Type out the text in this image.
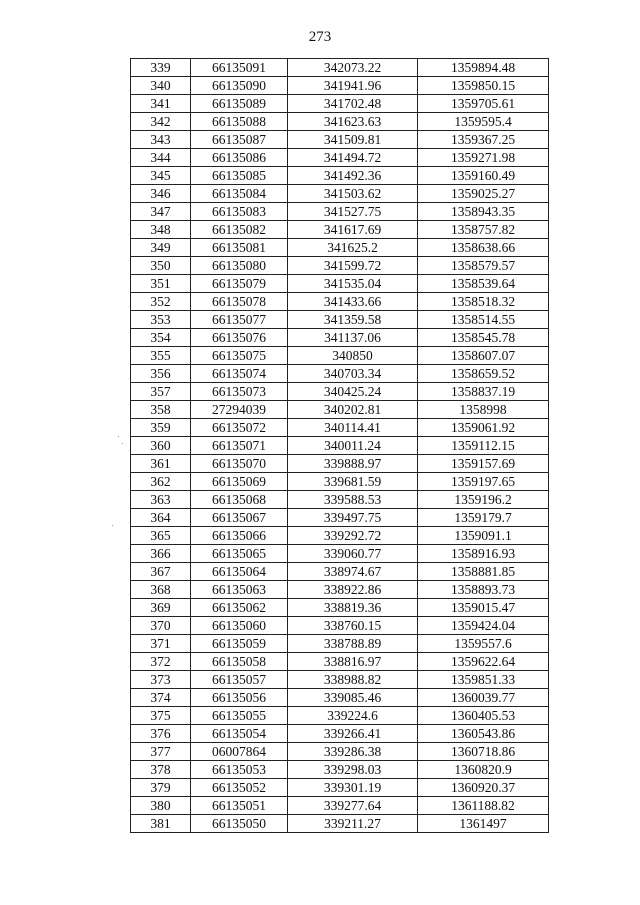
273
339	66135091	342073.22	1359894.48
340	66135090	341941.96	1359850.15
341	66135089	341702.48	1359705.61
342	66135088	341623.63	1359595.4
343	66135087	341509.81	1359367.25
344	66135086	341494.72	1359271.98
345	66135085	341492.36	1359160.49
346	66135084	341503.62	1359025.27
347	66135083	341527.75	1358943.35
348	66135082	341617.69	1358757.82
349	66135081	341625.2	1358638.66
350	66135080	341599.72	1358579.57
351	66135079	341535.04	1358539.64
352	66135078	341433.66	1358518.32
353	66135077	341359.58	1358514.55
354	66135076	341137.06	1358545.78
355	66135075	340850	1358607.07
356	66135074	340703.34	1358659.52
357	66135073	340425.24	1358837.19
358	27294039	340202.81	1358998
359	66135072	340114.41	1359061.92
360	66135071	340011.24	1359112.15
361	66135070	339888.97	1359157.69
362	66135069	339681.59	1359197.65
363	66135068	339588.53	1359196.2
364	66135067	339497.75	1359179.7
365	66135066	339292.72	1359091.1
366	66135065	339060.77	1358916.93
367	66135064	338974.67	1358881.85
368	66135063	338922.86	1358893.73
369	66135062	338819.36	1359015.47
370	66135060	338760.15	1359424.04
371	66135059	338788.89	1359557.6
372	66135058	338816.97	1359622.64
373	66135057	338988.82	1359851.33
374	66135056	339085.46	1360039.77
375	66135055	339224.6	1360405.53
376	66135054	339266.41	1360543.86
377	06007864	339286.38	1360718.86
378	66135053	339298.03	1360820.9
379	66135052	339301.19	1360920.37
380	66135051	339277.64	1361188.82
381	66135050	339211.27	1361497
